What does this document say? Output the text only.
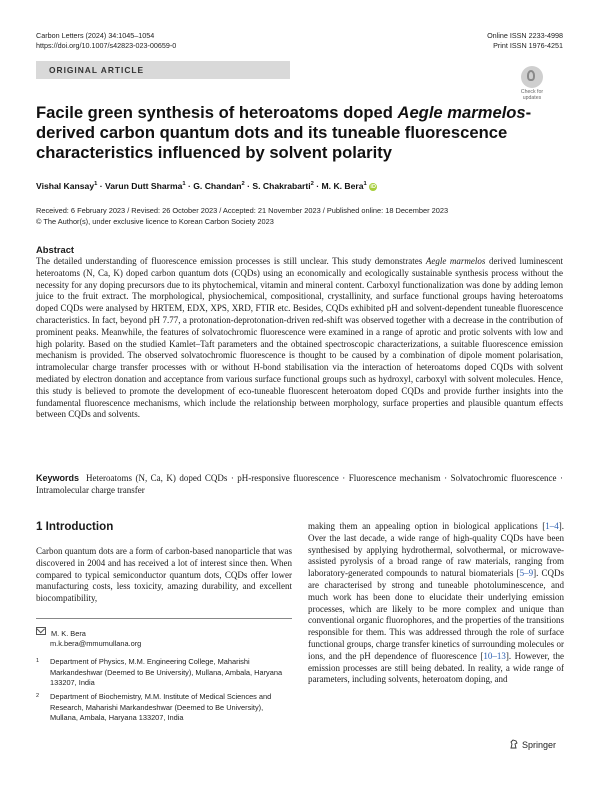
Carbon Letters (2024) 34:1045–1054
https://doi.org/10.1007/s42823-023-00659-0
Online ISSN 2233-4998
Print ISSN 1976-4251
ORIGINAL ARTICLE
Check for
updates
Facile green synthesis of heteroatoms doped Aegle marmelos-derived carbon quantum dots and its tuneable fluorescence characteristics influenced by solvent polarity
Vishal Kansay$^1$ · Varun Dutt Sharma$^1$ · G. Chandan$^2$ · S. Chakrabarti$^2$ · M. K. Bera$^1$ iD
Received: 6 February 2023 / Revised: 26 October 2023 / Accepted: 21 November 2023 / Published online: 18 December 2023
© The Author(s), under exclusive licence to Korean Carbon Society 2023
Abstract
The detailed understanding of fluorescence emission processes is still unclear. This study demonstrates Aegle marmelos derived luminescent heteroatoms (N, Ca, K) doped carbon quantum dots (CQDs) using an economically and ecologically sustainable synthesis process without the necessity for any doping precursors due to its phytochemical, vitamin and mineral content. Carboxyl functionalization was done by adding lemon juice to the fruit extract. The morphological, physiochemical, compositional, crystallinity, and surface functional groups having heteroatoms doped CQDs were analysed by HRTEM, EDX, XPS, XRD, FTIR etc. Besides, CQDs exhibited pH and solvent-dependent tuneable fluorescence characteristics. In fact, beyond pH 7.77, a protonation-deprotonation-driven red-shift was observed together with a decrease in the contribution of prominent peaks. Meanwhile, the features of solvatochromic fluorescence were examined in a range of aprotic and protic solvents with low and high polarity. Based on the studied Kamlet–Taft parameters and the obtained spectroscopic characterizations, a suitable fluorescence emission mechanism is provided. The observed solvatochromic fluorescence is thought to be caused by a combination of dipole moment polarisation, intramolecular charge transfer processes with or without H-bond stabilisation via the interaction of heteroatoms doped CQDs with solvent mediated by electron donation and acceptance from various surface functional groups such as hydroxyl, carboxyl with solvent molecules. Hence, this study is believed to promote the development of eco-tuneable fluorescent heteroatom doped CQDs and provide further insights into the fundamental fluorescence mechanisms, which include the relationship between morphology, surface properties and plausible quantum effects between CQDs and solvents.
Keywords Heteroatoms (N, Ca, K) doped CQDs · pH-responsive fluorescence · Fluorescence mechanism · Solvatochromic fluorescence · Intramolecular charge transfer
1 Introduction

Carbon quantum dots are a form of carbon-based nanoparticle that was discovered in 2004 and has received a lot of interest since then. When compared to typical semiconductor quantum dots, CQDs offer lower manufacturing costs, less toxicity, amazing durability, and excellent biocompatibility,

making them an appealing option in biological applications [1–4]. Over the last decade, a wide range of high-quality CQDs have been synthesised by applying hydrothermal, solvothermal, or microwave-assisted pyrolysis of a broad range of raw materials, ranging from laboratory-generated compounds to natural biomaterials [5–9]. CQDs are characterised by strong and tuneable photoluminescence, and much work has been done to elucidate their underlying emission processes, which are likely to be more complex and unique than conventional organic fluorophores, and the properties of the transitions responsible for them. This was addressed through the role of surface functional groups, charge transfer kinetics of surrounding molecules or ions, and the pH dependence of fluorescence [10–13]. However, the emission processes are still being debated. In reality, a wide range of parameters, including solvents, heteroatom doping, and

M. K. Bera
m.k.bera@mmumullana.org
1	Department of Physics, M.M. Engineering College, Maharishi Markandeshwar (Deemed to Be University), Mullana, Ambala, Haryana 133207, India
2	Department of Biochemistry, M.M. Institute of Medical Sciences and Research, Maharishi Markandeshwar (Deemed to Be University), Mullana, Ambala, Haryana 133207, India
Springer
